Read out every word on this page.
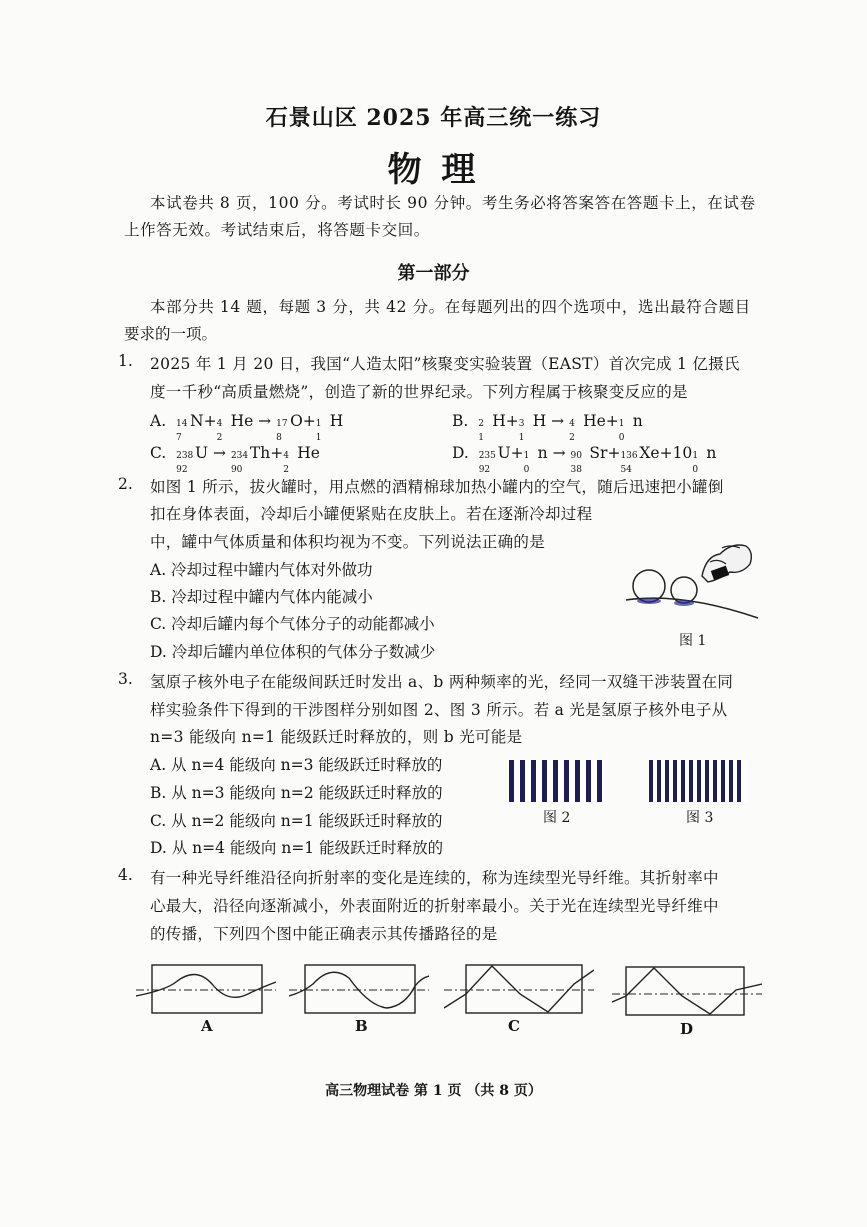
石景山区 2025 年高三统一练习
物 理
本试卷共 8 页，100 分。考试时长 90 分钟。考生务必将答案答在答题卡上，在试卷
上作答无效。考试结束后，将答题卡交回。
第一部分
本部分共 14 题，每题 3 分，共 42 分。在每题列出的四个选项中，选出最符合题目
要求的一项。
1. 2025 年 1 月 20 日，我国“人造太阳”核聚变实验装置（EAST）首次完成 1 亿摄氏
度一千秒“高质量燃烧”，创造了新的世界纪录。下列方程属于核聚变反应的是
A. 14
7
N+ 4
2
He → 17
8
O+ 1
1
H	B. 2
1
H+ 3
1
H → 4
2
He+ 1
0
n
C. 238
92
U → 234
90
Th+ 4
2
He	D. 235
92
U+ 1
0
n → 90
38
Sr+ 136
54
Xe+10 1
0
n
2. 如图 1 所示，拔火罐时，用点燃的酒精棉球加热小罐内的空气，随后迅速把小罐倒
扣在身体表面，冷却后小罐便紧贴在皮肤上。若在逐渐冷却过程
中，罐中气体质量和体积均视为不变。下列说法正确的是
A. 冷却过程中罐内气体对外做功
B. 冷却过程中罐内气体内能减小
C. 冷却后罐内每个气体分子的动能都减小
D. 冷却后罐内单位体积的气体分子数减少
图 1
3. 氢原子核外电子在能级间跃迁时发出 a、b 两种频率的光，经同一双缝干涉装置在同
样实验条件下得到的干涉图样分别如图 2、图 3 所示。若 a 光是氢原子核外电子从
n=3 能级向 n=1 能级跃迁时释放的，则 b 光可能是
A. 从 n=4 能级向 n=3 能级跃迁时释放的
B. 从 n=3 能级向 n=2 能级跃迁时释放的
C. 从 n=2 能级向 n=1 能级跃迁时释放的
D. 从 n=4 能级向 n=1 能级跃迁时释放的
图 2	图 3
4. 有一种光导纤维沿径向折射率的变化是连续的，称为连续型光导纤维。其折射率中
心最大，沿径向逐渐减小，外表面附近的折射率最小。关于光在连续型光导纤维中
的传播，下列四个图中能正确表示其传播路径的是
A	B	C	D
高三物理试卷 第 1 页 （共 8 页）
